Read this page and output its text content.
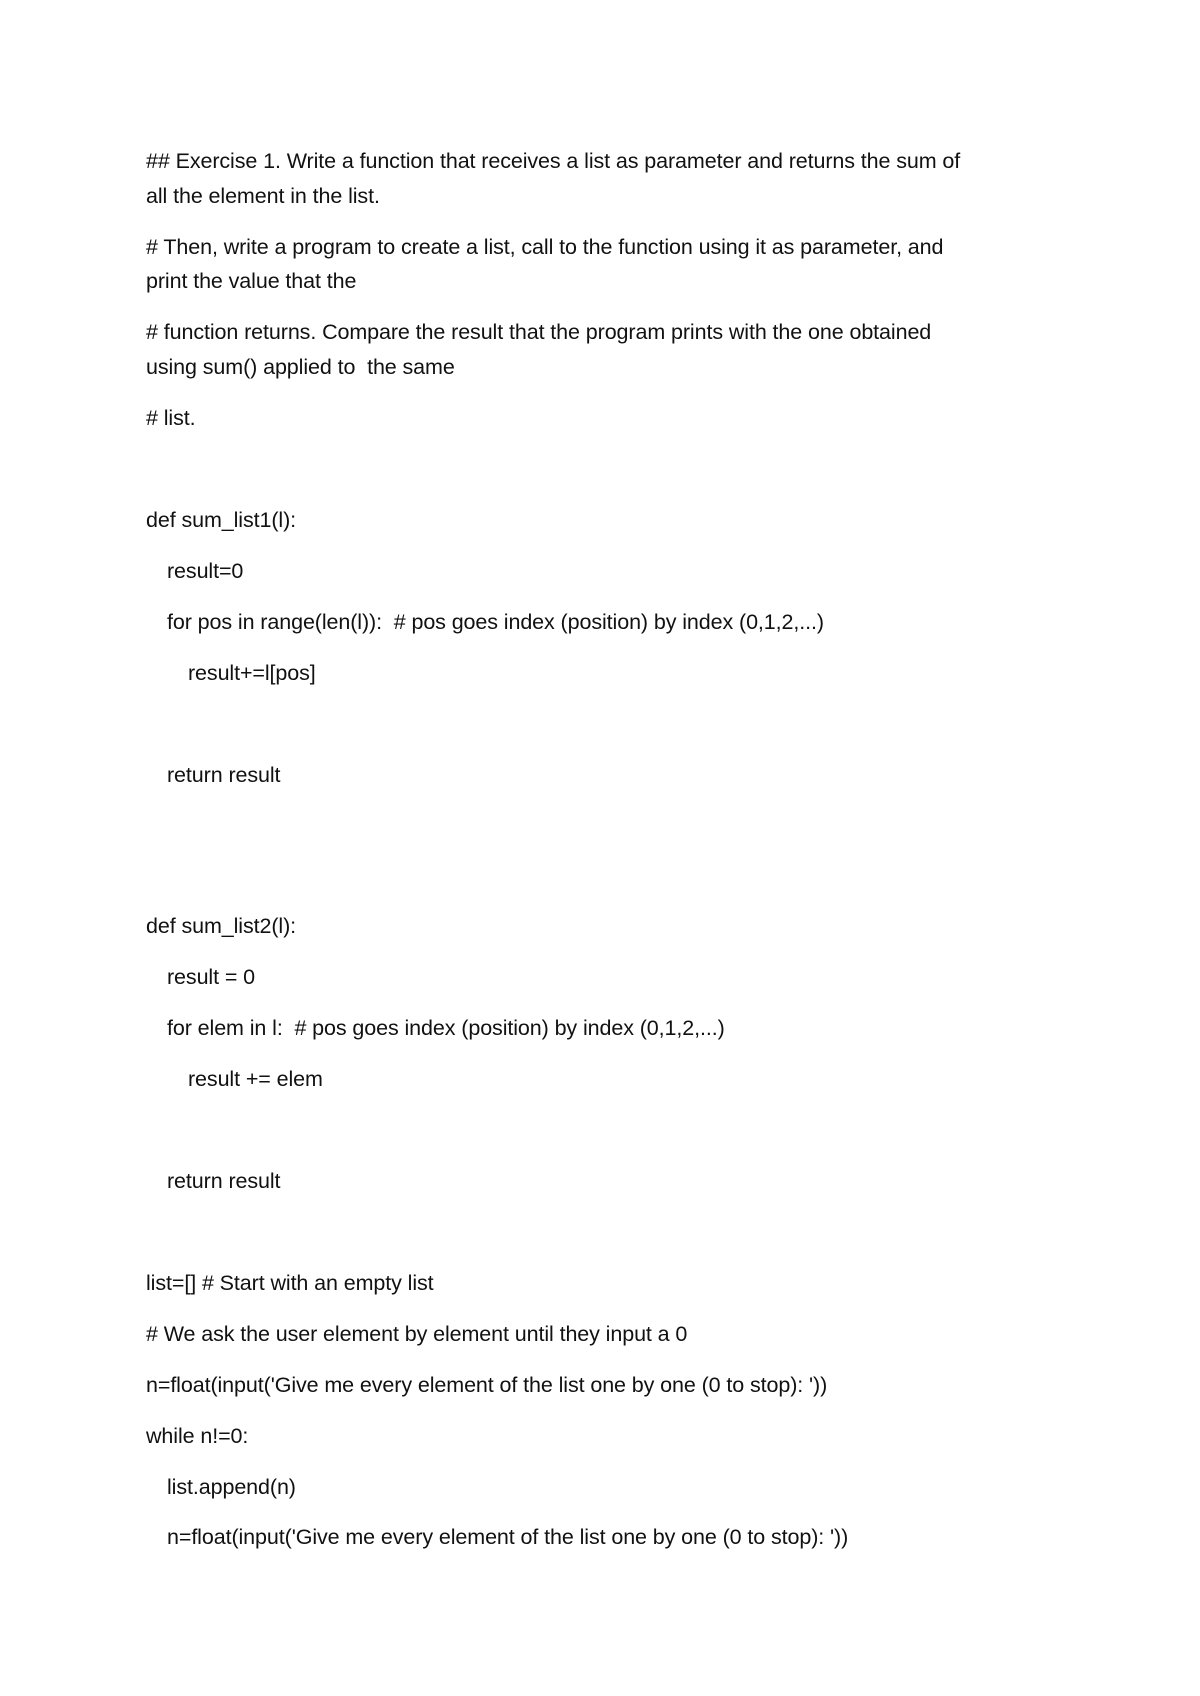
## Exercise 1. Write a function that receives a list as parameter and returns the sum of
all the element in the list.
# Then, write a program to create a list, call to the function using it as parameter, and
print the value that the
# function returns. Compare the result that the program prints with the one obtained
using sum() applied to  the same
# list.
def sum_list1(l):
result=0
for pos in range(len(l)):  # pos goes index (position) by index (0,1,2,...)
result+=l[pos]
return result
def sum_list2(l):
result = 0
for elem in l:  # pos goes index (position) by index (0,1,2,...)
result += elem
return result
list=[] # Start with an empty list
# We ask the user element by element until they input a 0
n=float(input('Give me every element of the list one by one (0 to stop): '))
while n!=0:
list.append(n)
n=float(input('Give me every element of the list one by one (0 to stop): '))
